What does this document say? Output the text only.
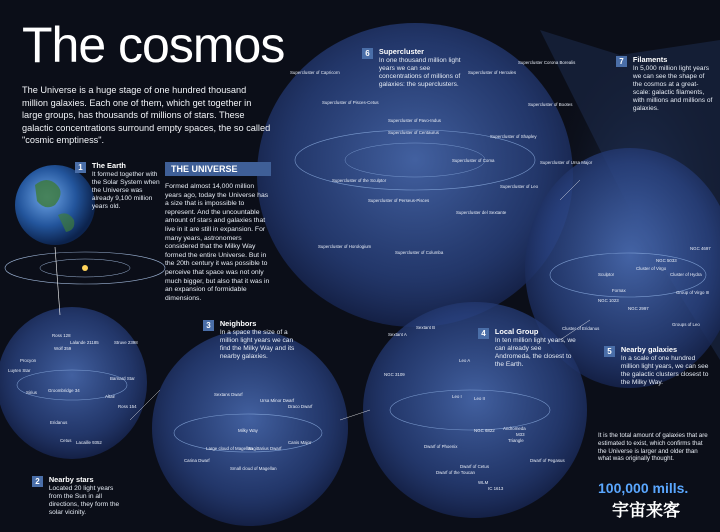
The cosmos
The Universe is a huge stage of one hundred thousand million galaxies. Each one of them, which get together in large groups, has thousands of millions of stars. These galactic concentrations surround empty spaces, the so called "cosmic emptiness".
THE UNIVERSE
Formed almost 14,000 million years ago, today the Universe has a size that is impossible to represent. And the uncountable amount of stars and galaxies that live in it are still in expansion. For many years, astronomers considered that the Milky Way formed the entire Universe. But in the 20th century it was possible to perceive that space was not only much bigger, but also that it was in an expansion of formidable dimensions.
1 The Earth
It formed together with the Solar System when the Universe was already 9,100 million years old.
2 Nearby stars
Located 20 light years from the Sun in all directions, they form the solar vicinity.
3 Neighbors
In a space the size of a million light years we can find the Milky Way and its nearby galaxies.
4 Local Group
In ten million light years, we can already see Andromeda, the closest to the Earth.
5 Nearby galaxies
In a scale of one hundred million light years, we can see the galactic clusters closest to the Milky Way.
6 Supercluster
In one thousand million light years we can see concentrations of millions of galaxies: the superclusters.
7 Filaments
In 5,000 million light years we can see the shape of the cosmos at a great-scale: galactic filaments, with millions and millions of galaxies.
It is the total amount of galaxies that are estimated to exist, which confirms that the Universe is larger and older than what was originally thought.
100,000 mills.
宇宙来客
Supercluster of Capricorn
Supercluster of Pisces-Cetus
Supercluster of the Sculptor
Supercluster of Perseus-Pisces
Supercluster of Hercules
Supercluster Corona Borealis
Supercluster of Coma
Supercluster of Leo
Supercluster of Ursa Major
Supercluster of Columba
Supercluster of Horologium
Supercluster of Shapley
Supercluster of Bootes
Supercluster of Centaurus
Supercluster del Sextante
Supercluster of Pavo-Indus
Sextant A
Sextant B
NGC 3109
Leo A
Andromeda
M33
Triangle
Leo I	Leo II
NGC 6822
WLM
IC 1613
Dwarf of Phoenix
Dwarf of the Toucan
Dwarf of Cetus
Dwarf of Pegasus
Sextans Dwarf
Ursa Minor Dwarf
Draco Dwarf
Milky Way
Sagittarius Dwarf
Carina Dwarf
Canis Major
Large cloud of Magellan
Small cloud of Magellan
Sirius
Procyon
Luyten Star
Altair
Ross 128
Lalande 21185
Wolf 359
Struve 2398
Lacaille 9352
Eridanus
Groombridge 34
Barnard Star
Ross 154
Cetus
Cluster of Virgo
Sculptor
Fornax
Cluster of Hydra
Group of Virgo III
Groups of Leo
Cluster of Eridanus
NGC 1023
NGC 2997
NGC 5033
NGC 4697
